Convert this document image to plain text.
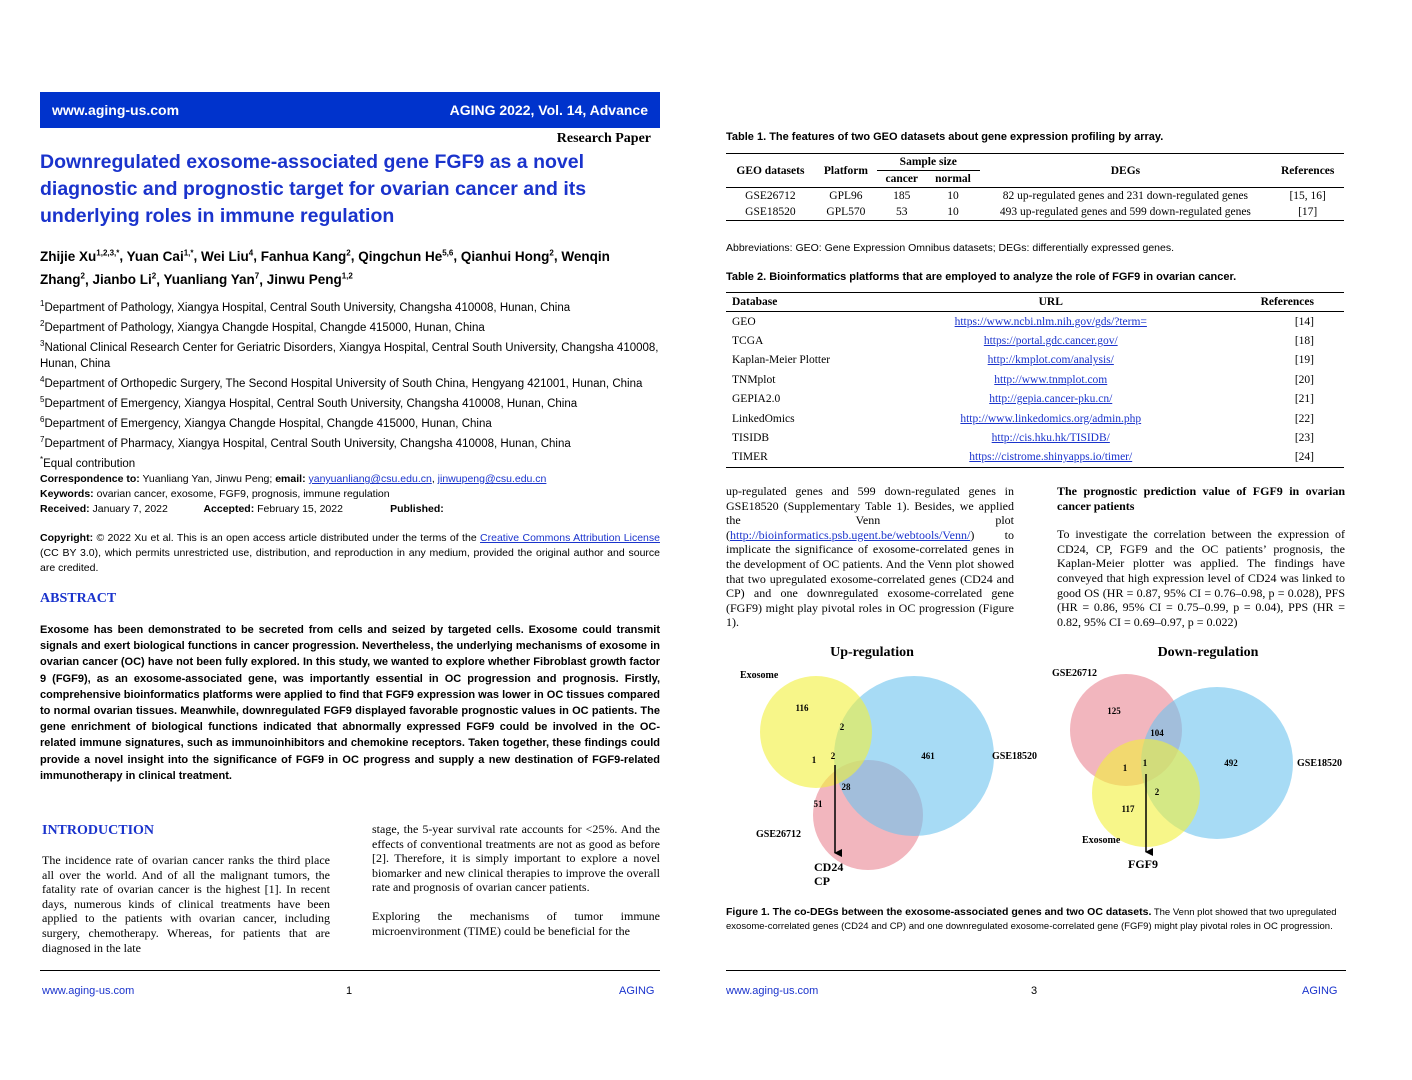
www.aging-us.com	AGING 2022, Vol. 14, Advance
Research Paper
Downregulated exosome-associated gene FGF9 as a novel diagnostic and prognostic target for ovarian cancer and its underlying roles in immune regulation
Zhijie $Xu^{1,2,3,*}$, Yuan Cai$^{1,*}$, Wei Liu$^4$, Fanhua Kang$^2$, Qingchun He$^{5,6}$, Qianhui Hong$^2$, Wenqin Zhang$^2$, Jianbo Li$^2$, Yuanliang Yan$^7$, Jinwu Peng$^{1,2}$
$^1$Department of Pathology, Xiangya Hospital, Central South University, Changsha 410008, Hunan, China
$^2$Department of Pathology, Xiangya Changde Hospital, Changde 415000, Hunan, China
$^3$National Clinical Research Center for Geriatric Disorders, Xiangya Hospital, Central South University, Changsha 410008, Hunan, China
$^4$Department of Orthopedic Surgery, The Second Hospital University of South China, Hengyang 421001, Hunan, China
$^5$Department of Emergency, Xiangya Hospital, Central South University, Changsha 410008, Hunan, China
$^6$Department of Emergency, Xiangya Changde Hospital, Changde 415000, Hunan, China
$^7$Department of Pharmacy, Xiangya Hospital, Central South University, Changsha 410008, Hunan, China
*Equal contribution
Correspondence to: Yuanliang Yan, Jinwu Peng; email: yanyuanliang@csu.edu.cn, jinwupeng@csu.edu.cn
Keywords: ovarian cancer, exosome, FGF9, prognosis, immune regulation
Received: January 7, 2022	Accepted: February 15, 2022	Published:
Copyright: © 2022 Xu et al. This is an open access article distributed under the terms of the Creative Commons Attribution License (CC BY 3.0), which permits unrestricted use, distribution, and reproduction in any medium, provided the original author and source are credited.
ABSTRACT
Exosome has been demonstrated to be secreted from cells and seized by targeted cells. Exosome could transmit signals and exert biological functions in cancer progression. Nevertheless, the underlying mechanisms of exosome in ovarian cancer (OC) have not been fully explored. In this study, we wanted to explore whether Fibroblast growth factor 9 (FGF9), as an exosome-associated gene, was importantly essential in OC progression and prognosis. Firstly, comprehensive bioinformatics platforms were applied to find that FGF9 expression was lower in OC tissues compared to normal ovarian tissues. Meanwhile, downregulated FGF9 displayed favorable prognostic values in OC patients. The gene enrichment of biological functions indicated that abnormally expressed FGF9 could be involved in the OC-related immune signatures, such as immunoinhibitors and chemokine receptors. Taken together, these findings could provide a novel insight into the significance of FGF9 in OC progress and supply a new destination of FGF9-related immunotherapy in clinical treatment.
INTRODUCTION

The incidence rate of ovarian cancer ranks the third place all over the world. And of all the malignant tumors, the fatality rate of ovarian cancer is the highest [1]. In recent days, numerous kinds of clinical treatments have been applied to the patients with ovarian cancer, including surgery, chemotherapy. Whereas, for patients that are diagnosed in the late

stage, the 5-year survival rate accounts for <25%. And the effects of conventional treatments are not as good as before [2]. Therefore, it is simply important to explore a novel biomarker and new clinical therapies to improve the overall rate and prognosis of ovarian cancer patients.

Exploring the mechanisms of tumor immune microenvironment (TIME) could be beneficial for the

www.aging-us.com	1	AGING
Table 1. The features of two GEO datasets about gene expression profiling by array.
GEO datasets	Platform	Sample size		DEGs	References
		cancer	normal		
GSE26712	GPL96	185	10	82 up-regulated genes and 231 down-regulated genes	[15, 16]
GSE18520	GPL570	53	10	493 up-regulated genes and 599 down-regulated genes	[17]
Abbreviations: GEO: Gene Expression Omnibus datasets; DEGs: differentially expressed genes.
Table 2. Bioinformatics platforms that are employed to analyze the role of FGF9 in ovarian cancer.
Database	URL	References
GEO	https://www.ncbi.nlm.nih.gov/gds/?term=	[14]
TCGA	https://portal.gdc.cancer.gov/	[18]
Kaplan-Meier Plotter	http://kmplot.com/analysis/	[19]
TNMplot	http://www.tnmplot.com	[20]
GEPIA2.0	http://gepia.cancer-pku.cn/	[21]
LinkedOmics	http://www.linkedomics.org/admin.php	[22]
TISIDB	http://cis.hku.hk/TISIDB/	[23]
TIMER	https://cistrome.shinyapps.io/timer/	[24]

up-regulated genes and 599 down-regulated genes in GSE18520 (Supplementary Table 1). Besides, we applied the Venn plot (http://bioinformatics.psb.ugent.be/webtools/Venn/) to implicate the significance of exosome-correlated genes in the development of OC patients. And the Venn plot showed that two upregulated exosome-correlated genes (CD24 and CP) and one downregulated exosome-correlated gene (FGF9) might play pivotal roles in OC progression (Figure 1).

The prognostic prediction value of FGF9 in ovarian cancer patients

To investigate the correlation between the expression of CD24, CP, FGF9 and the OC patients’ prognosis, the Kaplan-Meier plotter was applied. The findings have conveyed that high expression level of CD24 was linked to good OS (HR = 0.87, 95% CI = 0.76–0.98, p = 0.028), PFS (HR = 0.86, 95% CI = 0.75–0.99, p = 0.04), PPS (HR = 0.82, 95% CI = 0.69–0.97, p = 0.022)

Up-regulation
Exosome
GSE18520
GSE26712
116
2
2
1	461
28
51
CD24
CP
Down-regulation
GSE26712
GSE18520
Exosome
125
104
492
1 1
2
117
FGF9
Figure 1. The co-DEGs between the exosome-associated genes and two OC datasets. The Venn plot showed that two upregulated exosome-correlated genes (CD24 and CP) and one downregulated exosome-correlated gene (FGF9) might play pivotal roles in OC progression.
www.aging-us.com	3	AGING
